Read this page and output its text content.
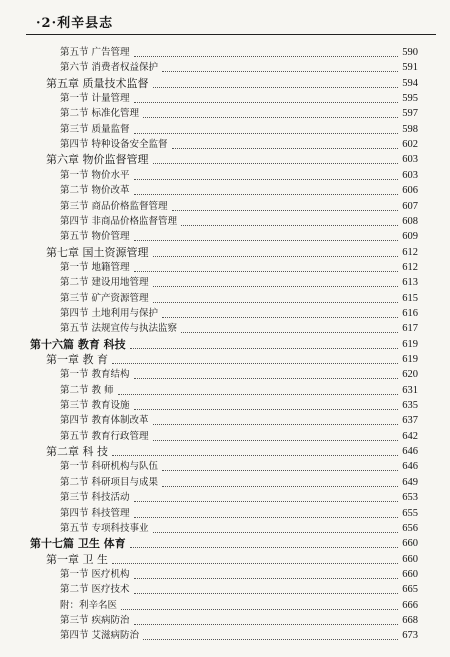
·2·利辛县志
第五节 广告管理	590
第六节 消费者权益保护	591
第五章 质量技术监督	594
第一节 计量管理	595
第二节 标准化管理	597
第三节 质量监督	598
第四节 特种设备安全监督	602
第六章 物价监督管理	603
第一节 物价水平	603
第二节 物价改革	606
第三节 商品价格监督管理	607
第四节 非商品价格监督管理	608
第五节 物价管理	609
第七章 国土资源管理	612
第一节 地籍管理	612
第二节 建设用地管理	613
第三节 矿产资源管理	615
第四节 土地利用与保护	616
第五节 法规宣传与执法监察	617
第十六篇 教育 科技	619
第一章 教 育	619
第一节 教育结构	620
第二节 教 师	631
第三节 教育设施	635
第四节 教育体制改革	637
第五节 教育行政管理	642
第二章 科 技	646
第一节 科研机构与队伍	646
第二节 科研项目与成果	649
第三节 科技活动	653
第四节 科技管理	655
第五节 专项科技事业	656
第十七篇 卫生 体育	660
第一章 卫 生	660
第一节 医疗机构	660
第二节 医疗技术	665
附：利辛名医	666
第三节 疾病防治	668
第四节 艾滋病防治	673
